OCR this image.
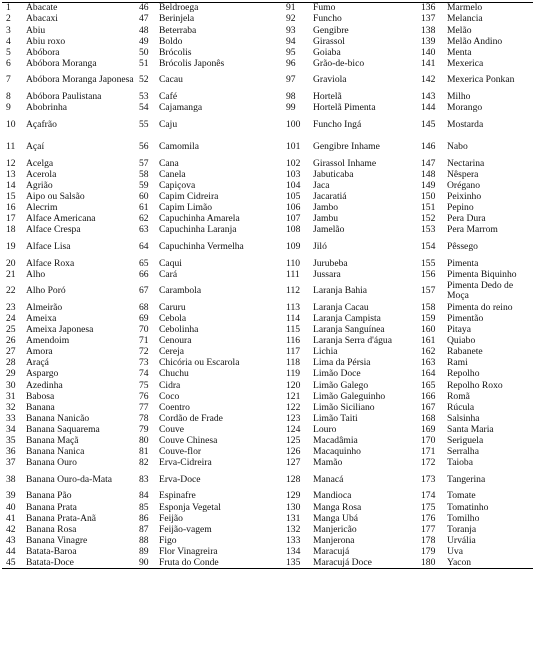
1	Abacate	46	Beldroega	91	Fumo	136	Marmelo
2	Abacaxi	47	Berinjela	92	Funcho	137	Melancia
3	Abiu	48	Beterraba	93	Gengibre	138	Melão
4	Abiu roxo	49	Boldo	94	Girassol	139	Melão Andino
5	Abóbora	50	Brócolis	95	Goiaba	140	Menta
6	Abóbora Moranga	51	Brócolis Japonês	96	Grão-de-bico	141	Mexerica
7	Abóbora Moranga Japonesa	52	Cacau	97	Graviola	142	Mexerica Ponkan
8	Abóbora Paulistana	53	Café	98	Hortelã	143	Milho
9	Abobrinha	54	Cajamanga	99	Hortelã Pimenta	144	Morango
10	Açafrão	55	Caju	100	Funcho Ingá	145	Mostarda
11	Açaí	56	Camomila	101	Gengibre Inhame	146	Nabo
12	Acelga	57	Cana	102	Girassol Inhame	147	Nectarina
13	Acerola	58	Canela	103	Jabuticaba	148	Nêspera
14	Agrião	59	Capiçova	104	Jaca	149	Orégano
15	Aipo ou Salsão	60	Capim Cidreira	105	Jacaratiá	150	Peixinho
16	Alecrim	61	Capim Limão	106	Jambo	151	Pepino
17	Alface Americana	62	Capuchinha Amarela	107	Jambu	152	Pera Dura
18	Alface Crespa	63	Capuchinha Laranja	108	Jamelão	153	Pera Marrom
19	Alface Lisa	64	Capuchinha Vermelha	109	Jiló	154	Pêssego
20	Alface Roxa	65	Caqui	110	Jurubeba	155	Pimenta
21	Alho	66	Cará	111	Jussara	156	Pimenta Biquinho
22	Alho Poró	67	Carambola	112	Laranja Bahia	157	Pimenta Dedo de Moça
23	Almeirão	68	Caruru	113	Laranja Cacau	158	Pimenta do reino
24	Ameixa	69	Cebola	114	Laranja Campista	159	Pimentão
25	Ameixa Japonesa	70	Cebolinha	115	Laranja Sanguínea	160	Pitaya
26	Amendoim	71	Cenoura	116	Laranja Serra d'água	161	Quiabo
27	Amora	72	Cereja	117	Lichia	162	Rabanete
28	Araçá	73	Chicória ou Escarola	118	Lima da Pérsia	163	Rami
29	Aspargo	74	Chuchu	119	Limão Doce	164	Repolho
30	Azedinha	75	Cidra	120	Limão Galego	165	Repolho Roxo
31	Babosa	76	Coco	121	Limão Galeguinho	166	Romã
32	Banana	77	Coentro	122	Limão Siciliano	167	Rúcula
33	Banana Nanicão	78	Cordão de Frade	123	Limão Taiti	168	Salsinha
34	Banana Saquarema	79	Couve	124	Louro	169	Santa Maria
35	Banana Maçã	80	Couve Chinesa	125	Macadâmia	170	Seriguela
36	Banana Nanica	81	Couve-flor	126	Macaquinho	171	Serralha
37	Banana Ouro	82	Erva-Cidreira	127	Mamão	172	Taioba
38	Banana Ouro-da-Mata	83	Erva-Doce	128	Manacá	173	Tangerina
39	Banana Pão	84	Espinafre	129	Mandioca	174	Tomate
40	Banana Prata	85	Esponja Vegetal	130	Manga Rosa	175	Tomatinho
41	Banana Prata-Anã	86	Feijão	131	Manga Ubá	176	Tomilho
42	Banana Rosa	87	Feijão-vagem	132	Manjericão	177	Toranja
43	Banana Vinagre	88	Figo	133	Manjerona	178	Urvália
44	Batata-Baroa	89	Flor Vinagreira	134	Maracujá	179	Uva
45	Batata-Doce	90	Fruta do Conde	135	Maracujá Doce	180	Yacon
